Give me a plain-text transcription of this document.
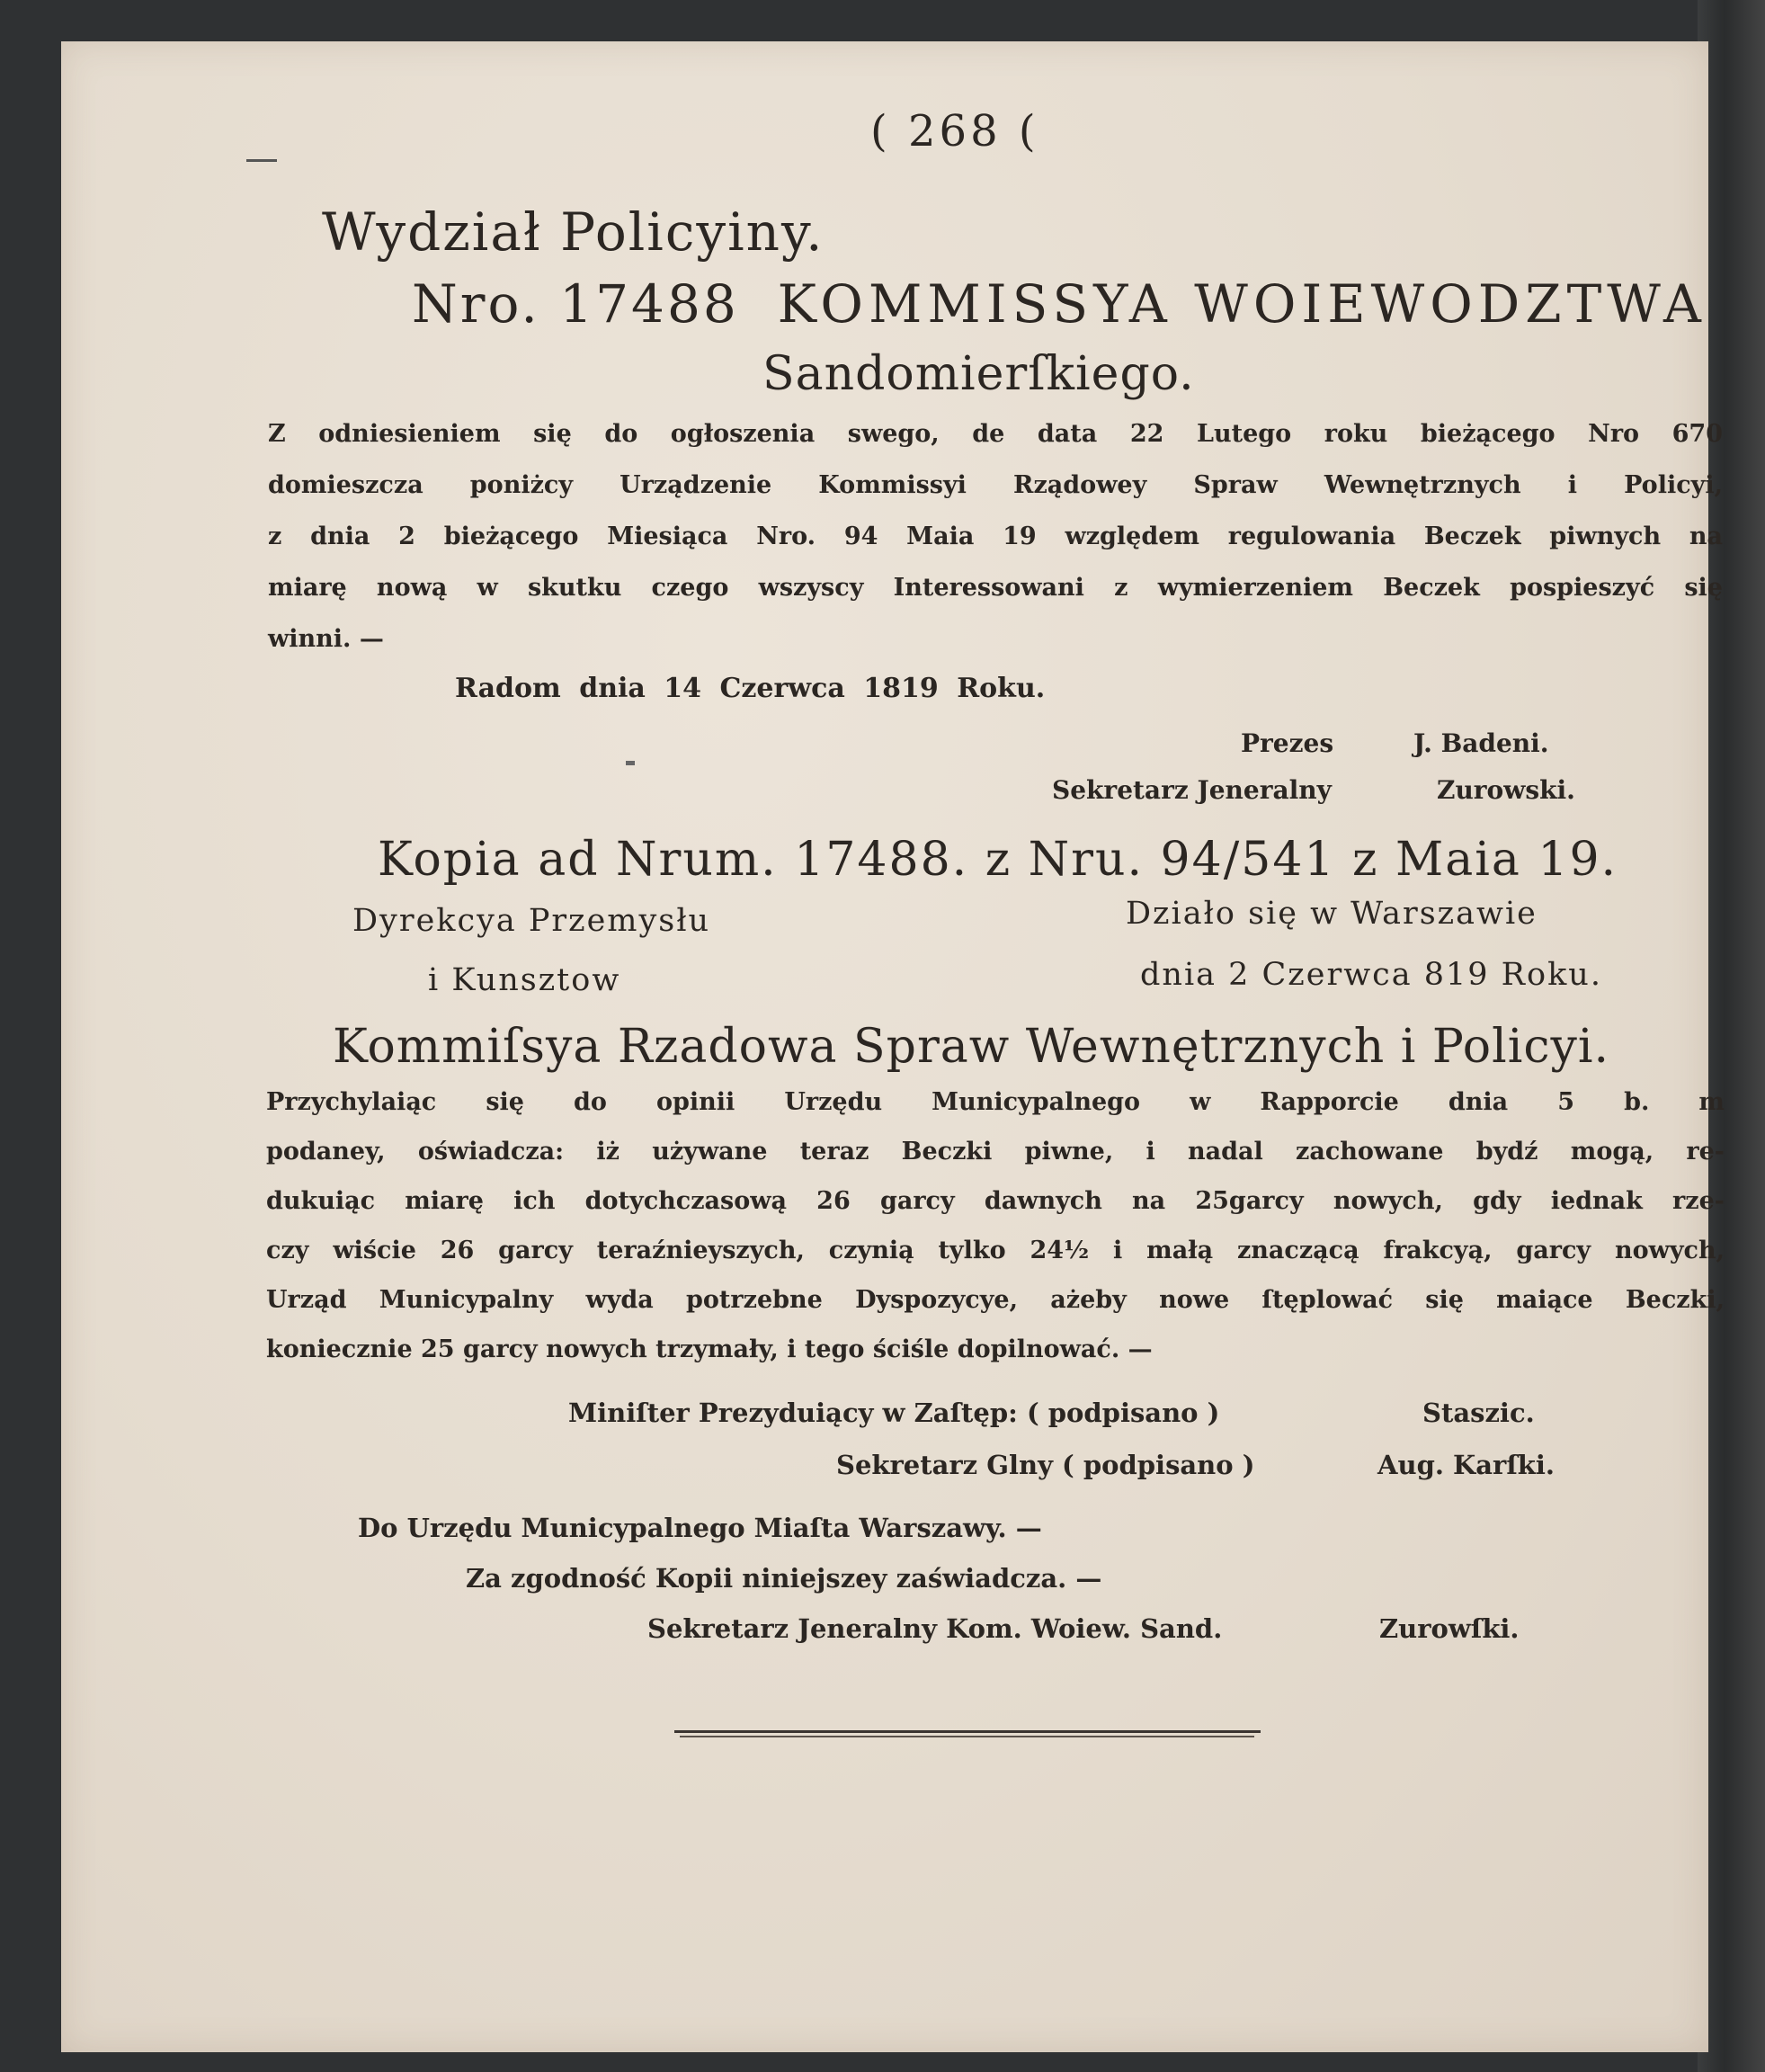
( 268 (
Wydział Policyiny.
Nro. 17488 KOMMISSYA WOIEWODZTWA
Sandomierſkiego.
Z odniesieniem się do ogłoszenia swego, de data 22 Lutego roku bieżącego Nro 670
domieszcza poniżcy Urządzenie Kommissyi Rządowey Spraw Wewnętrznych i Policyi,
z dnia 2 bieżącego Miesiąca Nro. 94 Maia 19 względem regulowania Beczek piwnych na
miarę nową w skutku czego wszyscy Interessowani z wymierzeniem Beczek pospieszyć się
winni. —
Radom dnia 14 Czerwca 1819 Roku.
Prezes	J. Badeni.
Sekretarz Jeneralny	Zurowski.
Kopia ad Nrum. 17488. z Nru. 94/541 z Maia 19.
Dyrekcya Przemysłu
i Kunsztow
Działo się w Warszawie
dnia 2 Czerwca 819 Roku.
Kommiſsya Rzadowa Spraw Wewnętrznych i Policyi.
Przychylaiąc się do opinii Urzędu Municypalnego w Rapporcie dnia 5 b. m
podaney, oświadcza: iż używane teraz Beczki piwne, i nadal zachowane bydź mogą, re-
dukuiąc miarę ich dotychczasową 26 garcy dawnych na 25garcy nowych, gdy iednak rze-
czy wiście 26 garcy teraźnieyszych, czynią tylko 24½ i małą znaczącą frakcyą, garcy nowych,
Urząd Municypalny wyda potrzebne Dyspozycye, ażeby nowe ſtęplować się maiące Beczki,
koniecznie 25 garcy nowych trzymały, i tego ściśle dopilnować. —
Miniſter Prezyduiący w Zaſtęp: ( podpisano )	Staszic.
Sekretarz Glny ( podpisano )	Aug. Karſki.
Do Urzędu Municypalnego Miaſta Warszawy. —
Za zgodność Kopii niniejszey zaświadcza. —
Sekretarz Jeneralny Kom. Woiew. Sand.	Zurowſki.
